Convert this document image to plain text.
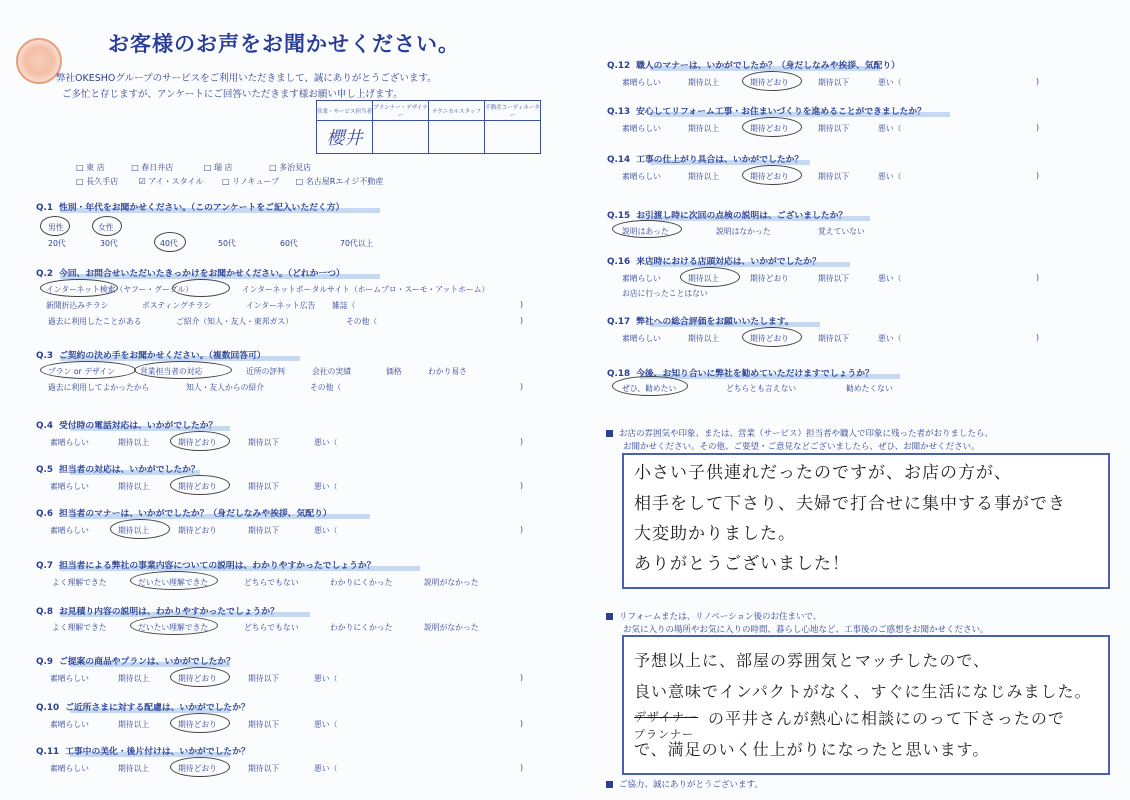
お客様のお声をお聞かせください。
弊社OKESHOグループのサービスをご利用いただきまして、誠にありがとうございます。
ご多忙と存じますが、アンケートにご回答いただきます様お願い申し上げます。
営業・サービス担当者	プランナー・デザイナー	テクニカルスタッフ	不動産コーディネーター
櫻井			
□ 東 店	□ 春日井店	□ 瑞 店	□ 多治見店
□ 長久手店	☑ アイ・スタイル □ リノキューブ □ 名古屋Rエイジ不動産
Q.1 性別・年代をお聞かせください。（このアンケートをご記入いただく方）
男性	女性
20代	30代	40代	50代	60代	70代以上
Q.2 今回、お問合せいただいたきっかけをお聞かせください。（どれか一つ）
インターネット検索（ヤフー・グーグル）	インターネットポータルサイト（ホームプロ・スーモ・アットホーム）
新聞折込みチラシ	ポスティングチラシ	インターネット広告 雑誌（	)
過去に利用したことがある	ご紹介（知人・友人・東邦ガス）	その他（	)
Q.3 ご契約の決め手をお聞かせください。（複数回答可）
プラン or デザイン	営業担当者の対応	近所の評判	会社の実績	価格	わかり易さ
過去に利用してよかったから	知人・友人からの紹介	その他（	)
Q.4 受付時の電話対応は、いかがでしたか？
素晴らしい	期待以上	期待どおり	期待以下	悪い（	)
Q.5 担当者の対応は、いかがでしたか？
素晴らしい	期待以上	期待どおり	期待以下	悪い（	)
Q.6 担当者のマナーは、いかがでしたか？（身だしなみや挨拶、気配り）
素晴らしい	期待以上	期待どおり	期待以下	悪い（	)
Q.9 ご提案の商品やプランは、いかがでしたか？
素晴らしい	期待以上	期待どおり	期待以下	悪い（	)
Q.10 ご近所さまに対する配慮は、いかがでしたか？
素晴らしい	期待以上	期待どおり	期待以下	悪い（	)
Q.11 工事中の美化・後片付けは、いかがでしたか？
素晴らしい	期待以上	期待どおり	期待以下	悪い（	)
Q.7 担当者による弊社の事業内容についての説明は、わかりやすかったでしょうか？
よく理解できた	だいたい理解できた	どちらでもない	わかりにくかった	説明がなかった
Q.8 お見積り内容の説明は、わかりやすかったでしょうか？
よく理解できた	だいたい理解できた	どちらでもない	わかりにくかった	説明がなかった
Q.12 職人のマナーは、いかがでしたか？（身だしなみや挨拶、気配り）
素晴らしい	期待以上	期待どおり	期待以下	悪い（	)
Q.13 安心してリフォーム工事・お住まいづくりを進めることができましたか？
素晴らしい	期待以上	期待どおり	期待以下	悪い（	)
Q.14 工事の仕上がり具合は、いかがでしたか？
素晴らしい	期待以上	期待どおり	期待以下	悪い（	)
Q.16 来店時における店頭対応は、いかがでしたか？
素晴らしい	期待以上	期待どおり	期待以下	悪い（	)
Q.17 弊社への総合評価をお願いいたします。
素晴らしい	期待以上	期待どおり	期待以下	悪い（	)
Q.15 お引渡し時に次回の点検の説明は、ございましたか？
説明はあった	説明はなかった	覚えていない
お店に行ったことはない
Q.18 今後、お知り合いに弊社を勧めていただけますでしょうか？
ぜひ、勧めたい	どちらとも言えない	勧めたくない
お店の雰囲気や印象、または、営業（サービス）担当者や職人で印象に残った者がおりましたら、
お聞かせください。その他、ご要望・ご意見などございましたら、ぜひ、お聞かせください。
小さい子供連れだったのですが、お店の方が、
相手をして下さり、夫婦で打合せに集中する事ができ
大変助かりました。
ありがとうございました！
リフォームまたは、リノベーション後のお住まいで、
お気に入りの場所やお気に入りの時間、暮らし心地など、工事後のご感想をお聞かせください。
予想以上に、部屋の雰囲気とマッチしたので、
良い意味でインパクトがなく、すぐに生活になじみました。
デザイナー の平井さんが熱心に相談にのって下さったので
プランナー
で、満足のいく仕上がりになったと思います。
ご協力、誠にありがとうございます。
